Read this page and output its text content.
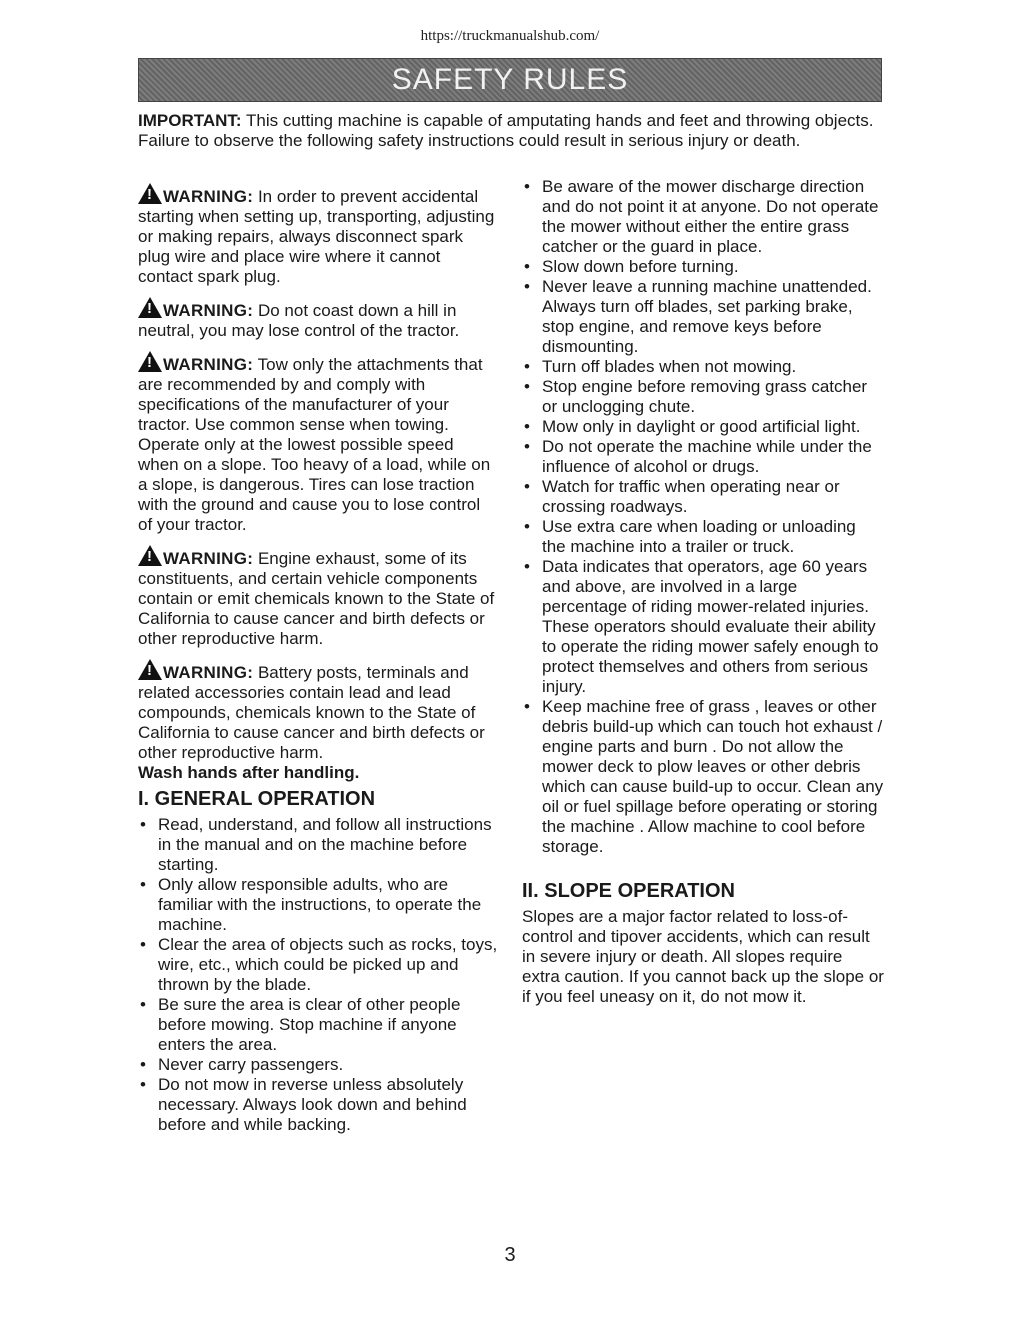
https://truckmanualshub.com/
SAFETY RULES
IMPORTANT: This cutting machine is capable of amputating hands and feet and throwing objects. Failure to observe the following safety instructions could result in serious injury or death.
!WARNING: In order to prevent accidental starting when setting up, transporting, adjusting or making repairs, always disconnect spark plug wire and place wire where it cannot contact spark plug.
!WARNING: Do not coast down a hill in neutral, you may lose control of the tractor.
!WARNING: Tow only the attachments that are recommended by and comply with specifications of the manufacturer of your tractor. Use common sense when towing. Operate only at the lowest possible speed when on a slope. Too heavy of a load, while on a slope, is dangerous. Tires can lose traction with the ground and cause you to lose control of your tractor.
!WARNING: Engine exhaust, some of its constituents, and certain vehicle components contain or emit chemicals known to the State of California to cause cancer and birth defects or other reproductive harm.
!WARNING: Battery posts, terminals and related accessories contain lead and lead compounds, chemicals known to the State of California to cause cancer and birth defects or other reproductive harm.
Wash hands after handling.
I. GENERAL OPERATION
• Read, understand, and follow all instructions in the manual and on the machine before starting.
• Only allow responsible adults, who are familiar with the instructions, to operate the machine.
• Clear the area of objects such as rocks, toys, wire, etc., which could be picked up and thrown by the blade.
• Be sure the area is clear of other people before mowing. Stop machine if anyone enters the area.
• Never carry passengers.
• Do not mow in reverse unless absolutely necessary. Always look down and behind before and while backing.
• Be aware of the mower discharge direction and do not point it at anyone. Do not operate the mower without either the entire grass catcher or the guard in place.
• Slow down before turning.
• Never leave a running machine unattended. Always turn off blades, set parking brake, stop engine, and remove keys before dismounting.
• Turn off blades when not mowing.
• Stop engine before removing grass catcher or unclogging chute.
• Mow only in daylight or good artificial light.
• Do not operate the machine while under the influence of alcohol or drugs.
• Watch for traffic when operating near or crossing roadways.
• Use extra care when loading or unloading the machine into a trailer or truck.
• Data indicates that operators, age 60 years and above, are involved in a large percentage of riding mower-related injuries. These operators should evaluate their ability to operate the riding mower safely enough to protect themselves and others from serious injury.
• Keep machine free of grass , leaves or other debris build-up which can touch hot exhaust / engine parts and burn . Do not allow the mower deck to plow leaves or other debris which can cause build-up to occur. Clean any oil or fuel spillage before operating or storing the machine . Allow machine to cool before storage.
II. SLOPE OPERATION
Slopes are a major factor related to loss-of-control and tipover accidents, which can result in severe injury or death. All slopes require extra caution. If you cannot back up the slope or if you feel uneasy on it, do not mow it.
3
